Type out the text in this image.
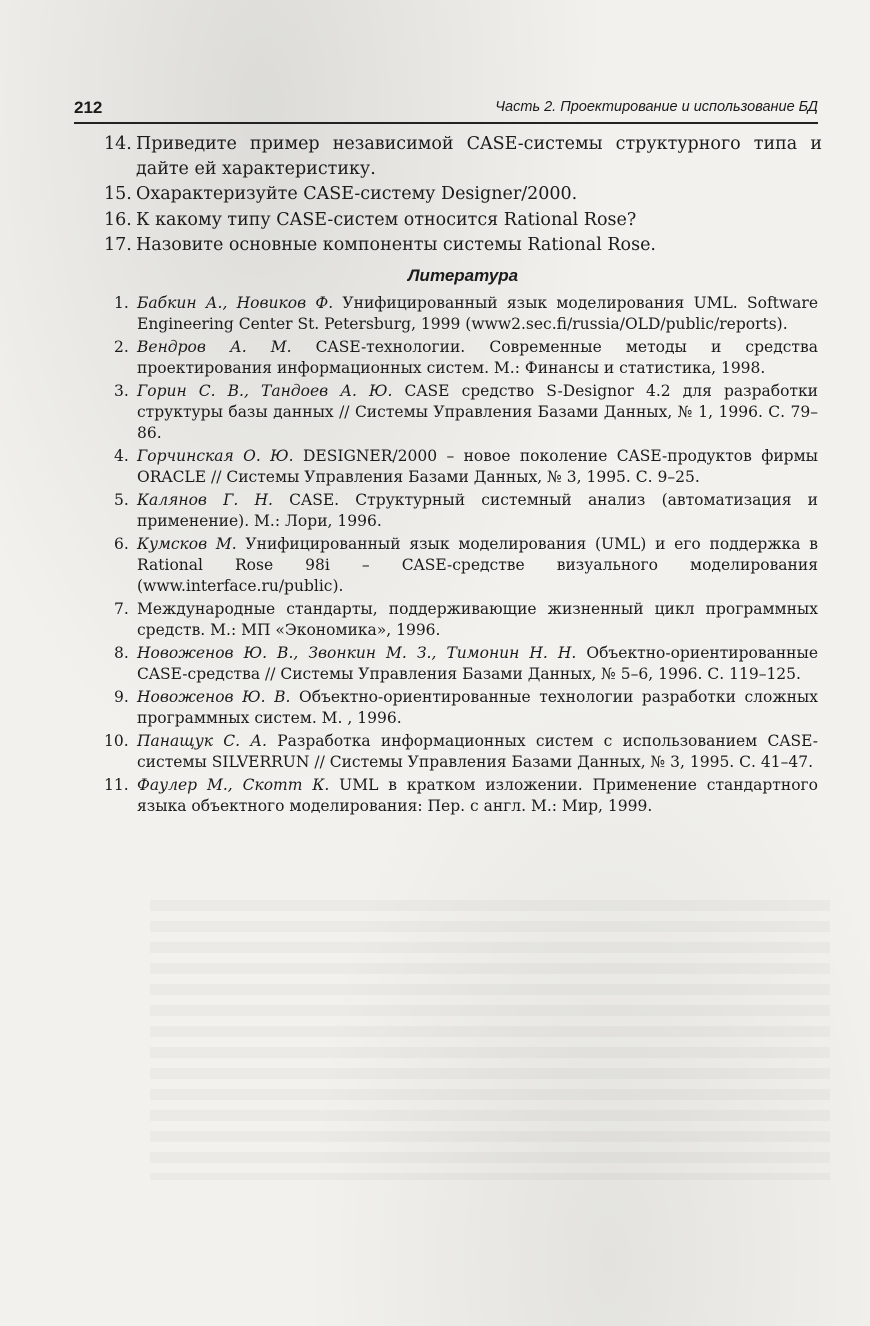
212	Часть 2. Проектирование и использование БД
14. Приведите пример независимой CASE-системы структурного типа и дайте ей характеристику.
15. Охарактеризуйте CASE-систему Designer/2000.
16. К какому типу CASE-систем относится Rational Rose?
17. Назовите основные компоненты системы Rational Rose.
Литература
1. Бабкин А., Новиков Ф. Унифицированный язык моделирования UML. Software Engineering Center St. Petersburg, 1999 (www2.sec.fi/russia/OLD/public/reports).
2. Вендров А. М. CASE-технологии. Современные методы и средства проектирования информационных систем. М.: Финансы и статистика, 1998.
3. Горин С. В., Тандоев А. Ю. CASE средство S-Designor 4.2 для разработки структуры базы данных // Системы Управления Базами Данных, № 1, 1996. С. 79–86.
4. Горчинская О. Ю. DESIGNER/2000 – новое поколение CASE-продуктов фирмы ORACLE // Системы Управления Базами Данных, № 3, 1995. С. 9–25.
5. Калянов Г. Н. CASE. Структурный системный анализ (автоматизация и применение). М.: Лори, 1996.
6. Кумсков М. Унифицированный язык моделирования (UML) и его поддержка в Rational Rose 98i – CASE-средстве визуального моделирования (www.interface.ru/public).
7. Международные стандарты, поддерживающие жизненный цикл программных средств. М.: МП «Экономика», 1996.
8. Новоженов Ю. В., Звонкин М. З., Тимонин Н. Н. Объектно-ориентированные CASE-средства // Системы Управления Базами Данных, № 5–6, 1996. С. 119–125.
9. Новоженов Ю. В. Объектно-ориентированные технологии разработки сложных программных систем. М. , 1996.
10. Панащук С. А. Разработка информационных систем с использованием CASE-системы SILVERRUN // Системы Управления Базами Данных, № 3, 1995. С. 41–47.
11. Фаулер М., Скотт К. UML в кратком изложении. Применение стандартного языка объектного моделирования: Пер. с англ. М.: Мир, 1999.
